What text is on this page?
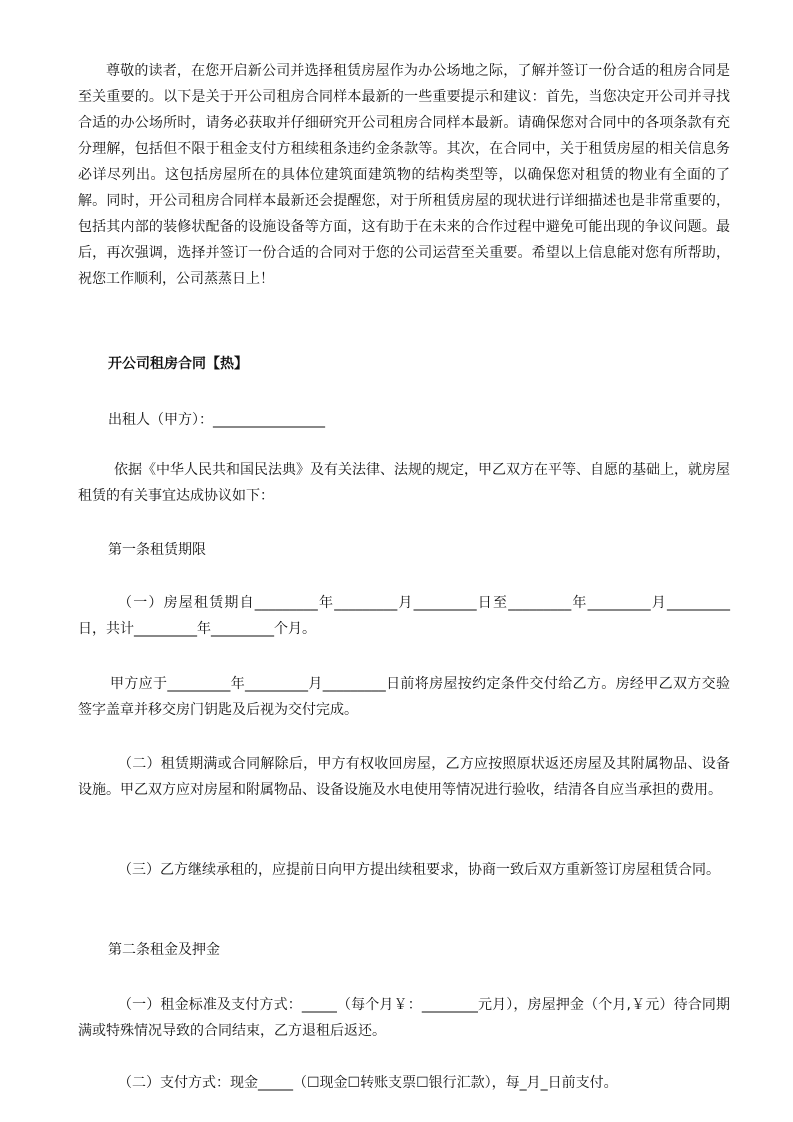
尊敬的读者，在您开启新公司并选择租赁房屋作为办公场地之际，了解并签订一份合适的租房合同是至关重要的。以下是关于开公司租房合同样本最新的一些重要提示和建议：首先，当您决定开公司并寻找合适的办公场所时，请务必获取并仔细研究开公司租房合同样本最新。请确保您对合同中的各项条款有充分理解，包括但不限于租金支付方租续租条违约金条款等。其次，在合同中，关于租赁房屋的相关信息务必详尽列出。这包括房屋所在的具体位建筑面建筑物的结构类型等，以确保您对租赁的物业有全面的了解。同时，开公司租房合同样本最新还会提醒您，对于所租赁房屋的现状进行详细描述也是非常重要的，包括其内部的装修状配备的设施设备等方面，这有助于在未来的合作过程中避免可能出现的争议问题。最后，再次强调，选择并签订一份合适的合同对于您的公司运营至关重要。希望以上信息能对您有所帮助，祝您工作顺利，公司蒸蒸日上！

开公司租房合同【热】

出租人（甲方）：________________

依据《中华人民共和国民法典》及有关法律、法规的规定，甲乙双方在平等、自愿的基础上，就房屋租赁的有关事宜达成协议如下：

第一条租赁期限

（一）房屋租赁期自_________年_________月_________日至_________年_________月_________日，共计_________年_________个月。

甲方应于_________年_________月_________日前将房屋按约定条件交付给乙方。房经甲乙双方交验签字盖章并移交房门钥匙及后视为交付完成。

（二）租赁期满或合同解除后，甲方有权收回房屋，乙方应按照原状返还房屋及其附属物品、设备设施。甲乙双方应对房屋和附属物品、设备设施及水电使用等情况进行验收，结清各自应当承担的费用。

（三）乙方继续承租的，应提前日向甲方提出续租要求，协商一致后双方重新签订房屋租赁合同。

第二条租金及押金

（一）租金标准及支付方式：_____（每个月￥：________元月），房屋押金（个月,￥元）待合同期满或特殊情况导致的合同结束，乙方退租后返还。

（二）支付方式：现金_____（☐现金☐转账支票☐银行汇款），每_月_日前支付。
